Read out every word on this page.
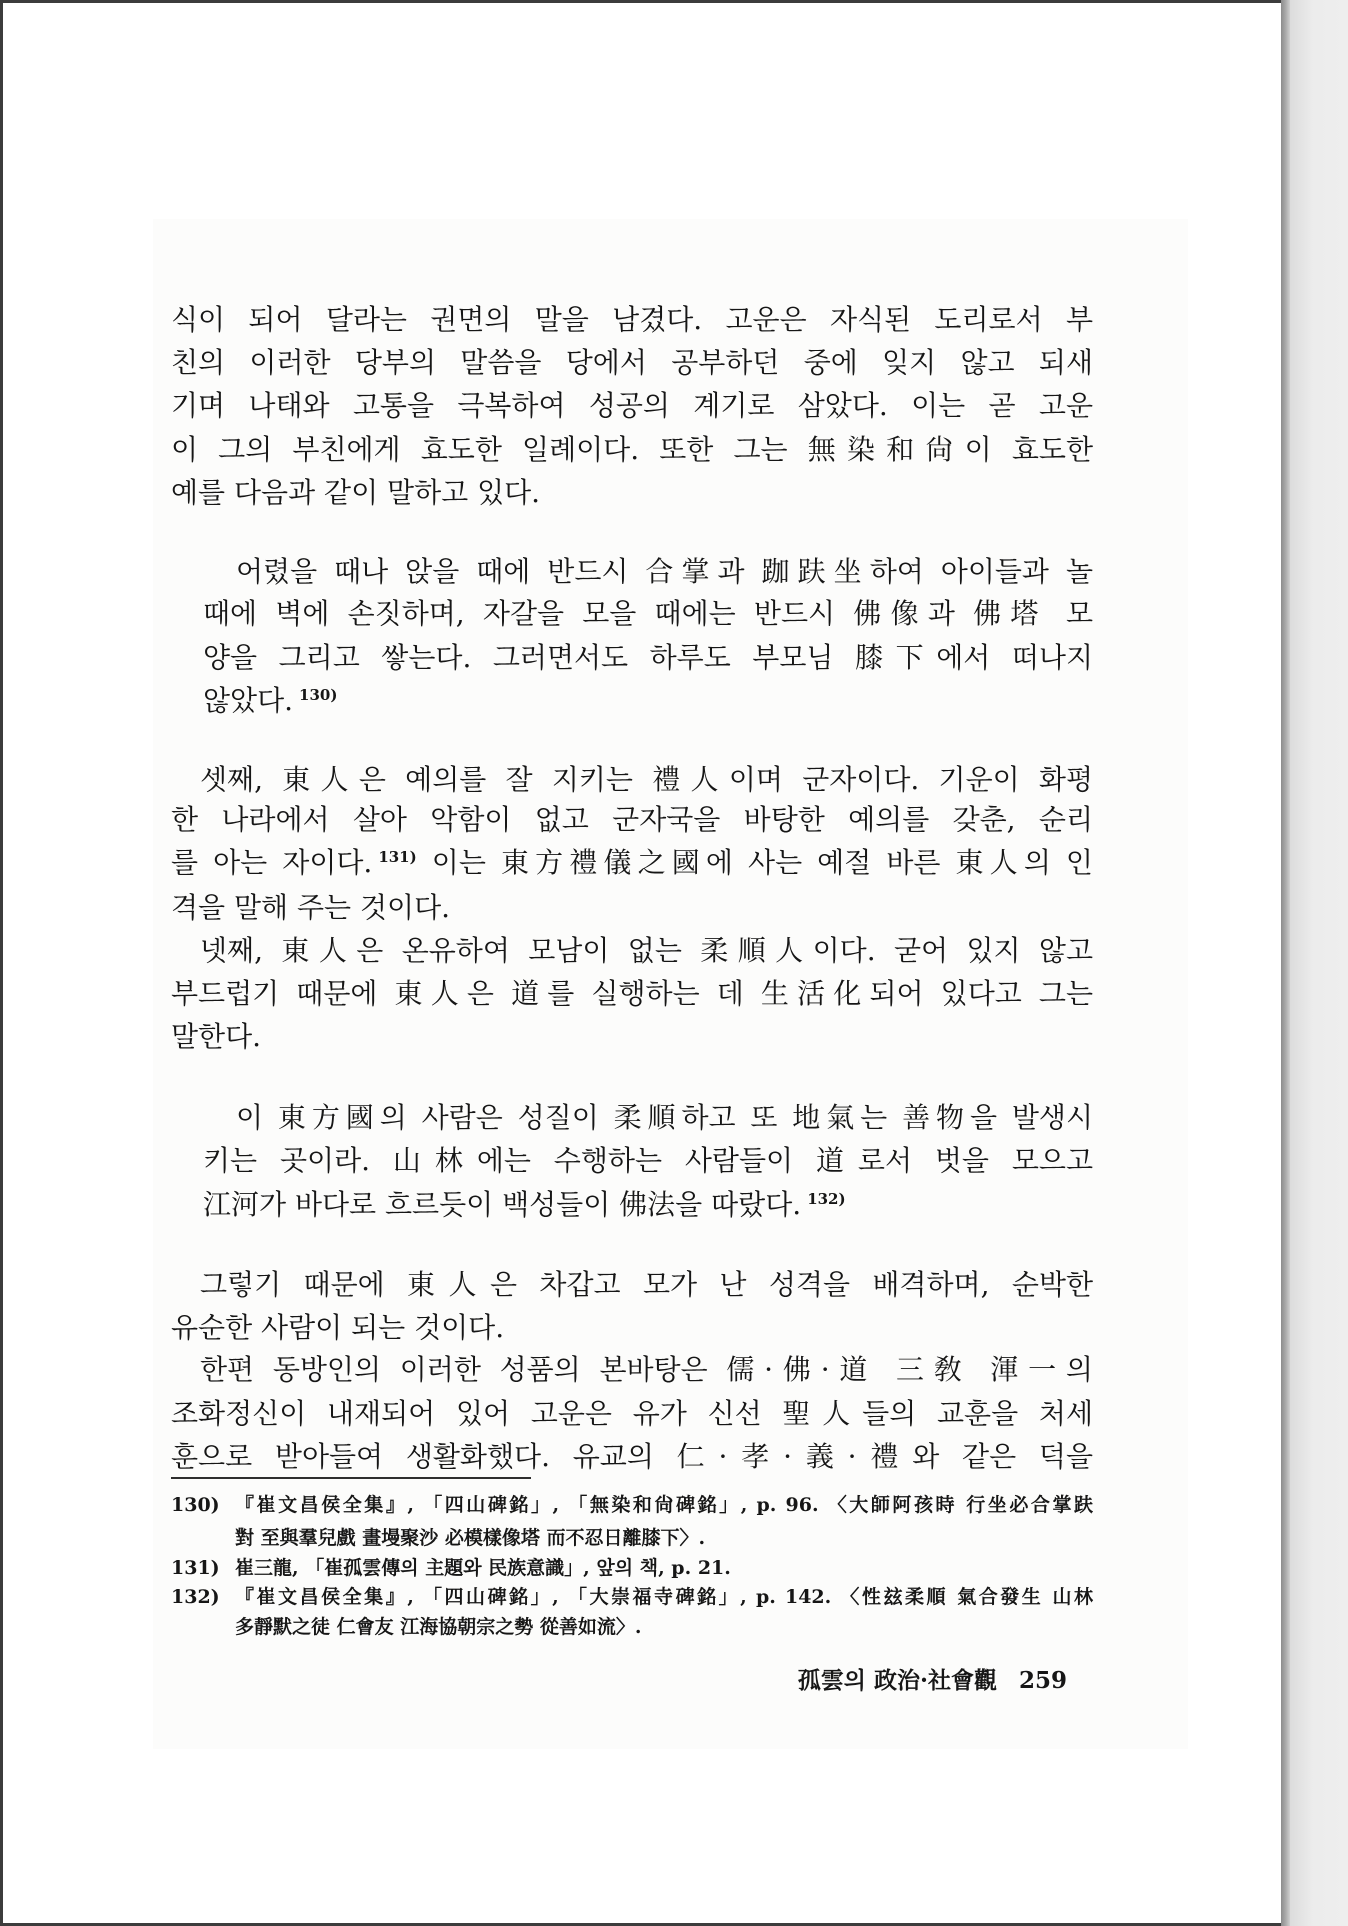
식이 되어 달라는 권면의 말을 남겼다. 고운은 자식된 도리로서 부
친의 이러한 당부의 말씀을 당에서 공부하던 중에 잊지 않고 되새
기며 나태와 고통을 극복하여 성공의 계기로 삼았다. 이는 곧 고운
이 그의 부친에게 효도한 일례이다. 또한 그는 無染和尙이 효도한
예를 다음과 같이 말하고 있다.
어렸을 때나 앉을 때에 반드시 合掌과 跏趺坐하여 아이들과 놀
때에 벽에 손짓하며, 자갈을 모을 때에는 반드시 佛像과 佛塔 모
양을 그리고 쌓는다. 그러면서도 하루도 부모님 膝下에서 떠나지
않았다. $^{130)}$
셋째, 東人은 예의를 잘 지키는 禮人이며 군자이다. 기운이 화평
한 나라에서 살아 악함이 없고 군자국을 바탕한 예의를 갖춘, 순리
를 아는 자이다. $^{131)}$ 이는 東方禮儀之國에 사는 예절 바른 東人의 인
격을 말해 주는 것이다.
넷째, 東人은 온유하여 모남이 없는 柔順人이다. 굳어 있지 않고
부드럽기 때문에 東人은 道를 실행하는 데 生活化되어 있다고 그는
말한다.
이 東方國의 사람은 성질이 柔順하고 또 地氣는 善物을 발생시
키는 곳이라. 山林에는 수행하는 사람들이 道로서 벗을 모으고
江河가 바다로 흐르듯이 백성들이 佛法을 따랐다. $^{132)}$
그렇기 때문에 東人은 차갑고 모가 난 성격을 배격하며, 순박한
유순한 사람이 되는 것이다.
한편 동방인의 이러한 성품의 본바탕은 儒·佛·道 三敎 渾一의
조화정신이 내재되어 있어 고운은 유가 신선 聖人들의 교훈을 처세
훈으로 받아들여 생활화했다. 유교의 仁·孝·義·禮와 같은 덕을
130) 『崔文昌侯全集』, 「四山碑銘」, 「無染和尙碑銘」, p. 96. 〈大師阿孩時 行坐必合掌趺
對 至與羣兒戲 畫墁聚沙 必模樣像塔 而不忍日離膝下〉.
131) 崔三龍, 「崔孤雲傳의 主題와 民族意識」, 앞의 책, p. 21.
132) 『崔文昌侯全集』, 「四山碑銘」, 「大崇福寺碑銘」, p. 142. 〈性玆柔順 氣合發生 山林
多靜默之徒 仁會友 江海協朝宗之勢 從善如流〉.
孤雲의 政治·社會觀 259
